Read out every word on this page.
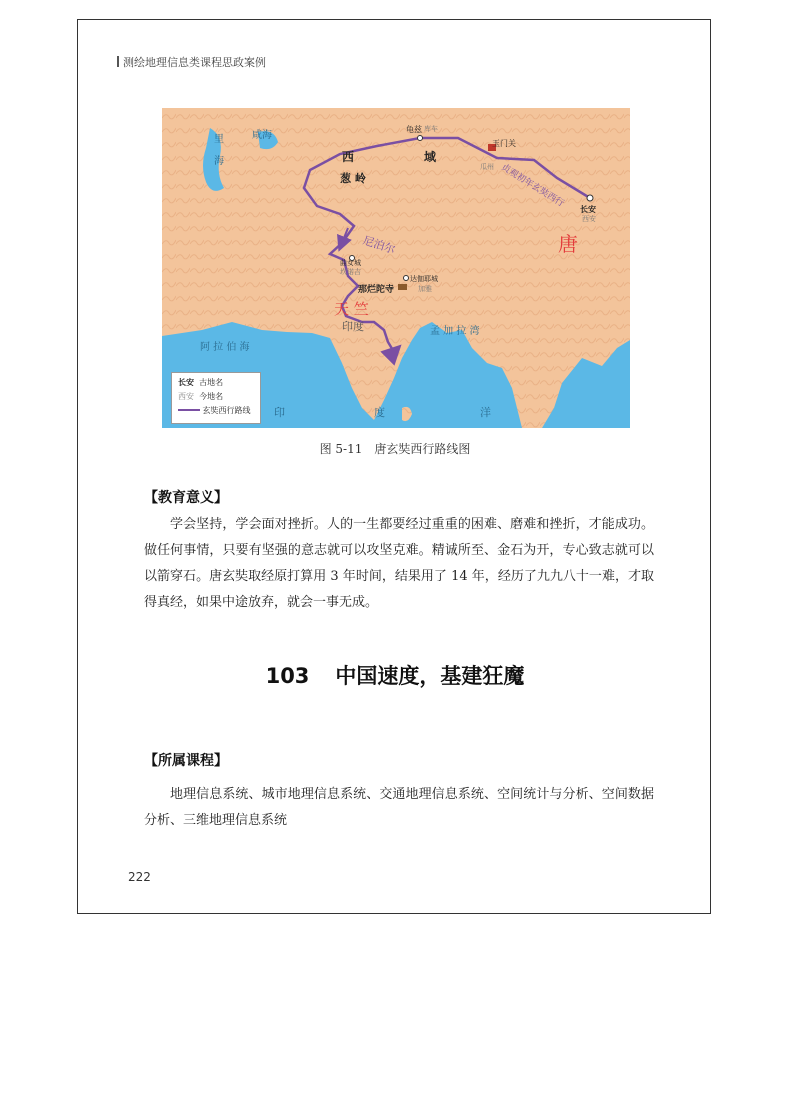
测绘地理信息类课程思政案例
里
海
咸海
西	域
葱 岭
龟兹 库车
玉门关
瓜州
长安
西安
唐
贞观初年玄奘西行
尼泊尔
曲女城
坎诺吉
达伽耶城
加雅
那烂陀寺
天 竺
印度	孟 加 拉 湾
阿 拉 伯 海
印	度	洋
长安 古地名
西安 今地名
玄奘西行路线
图 5-11　唐玄奘西行路线图
【教育意义】
学会坚持，学会面对挫折。人的一生都要经过重重的困难、磨难和挫折，才能成功。做任何事情，只要有坚强的意志就可以攻坚克难。精诚所至、金石为开，专心致志就可以以箭穿石。唐玄奘取经原打算用 3 年时间，结果用了 14 年，经历了九九八十一难，才取得真经，如果中途放弃，就会一事无成。
103 中国速度，基建狂魔
【所属课程】
地理信息系统、城市地理信息系统、交通地理信息系统、空间统计与分析、空间数据分析、三维地理信息系统
222
